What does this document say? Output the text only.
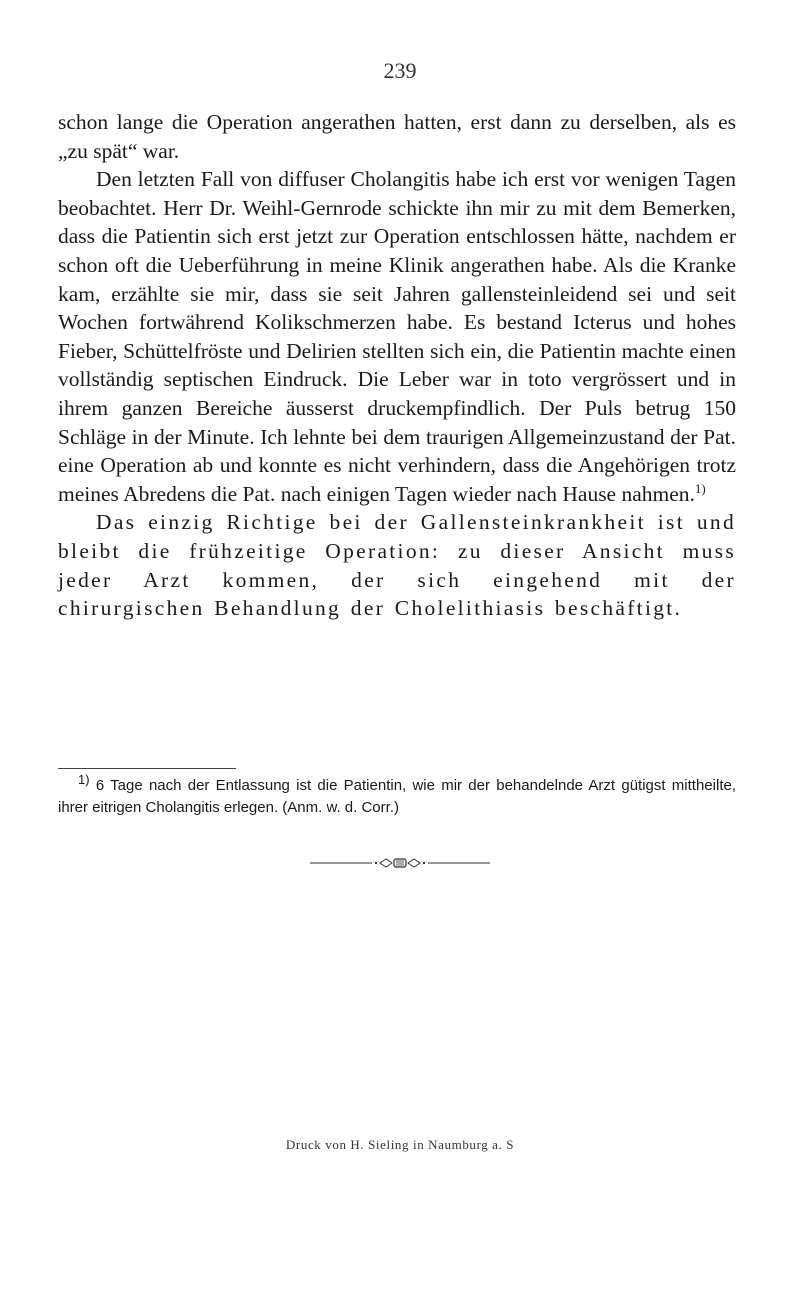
239

schon lange die Operation angerathen hatten, erst dann zu derselben, als es „zu spät“ war.

Den letzten Fall von diffuser Cholangitis habe ich erst vor wenigen Tagen beobachtet. Herr Dr. Weihl-Gernrode schickte ihn mir zu mit dem Bemerken, dass die Patientin sich erst jetzt zur Operation entschlossen hätte, nachdem er schon oft die Ueberführung in meine Klinik angerathen habe. Als die Kranke kam, erzählte sie mir, dass sie seit Jahren gallensteinleidend sei und seit Wochen fortwährend Kolikschmerzen habe. Es bestand Icterus und hohes Fieber, Schüttelfröste und Delirien stellten sich ein, die Patientin machte einen vollständig septischen Eindruck. Die Leber war in toto vergrössert und in ihrem ganzen Bereiche äusserst druckempfindlich. Der Puls betrug 150 Schläge in der Minute. Ich lehnte bei dem traurigen Allgemeinzustand der Pat. eine Operation ab und konnte es nicht verhindern, dass die Angehörigen trotz meines Abredens die Pat. nach einigen Tagen wieder nach Hause nahmen.$^{1)}$

Das einzig Richtige bei der Gallensteinkrankheit ist und bleibt die frühzeitige Operation: zu dieser Ansicht muss jeder Arzt kommen, der sich eingehend mit der chirurgischen Behandlung der Cholelithiasis beschäftigt.

$^{1)}$ 6 Tage nach der Entlassung ist die Patientin, wie mir der behandelnde Arzt gütigst mittheilte, ihrer eitrigen Cholangitis erlegen. (Anm. w. d. Corr.)
Druck von H. Sieling in Naumburg a. S
